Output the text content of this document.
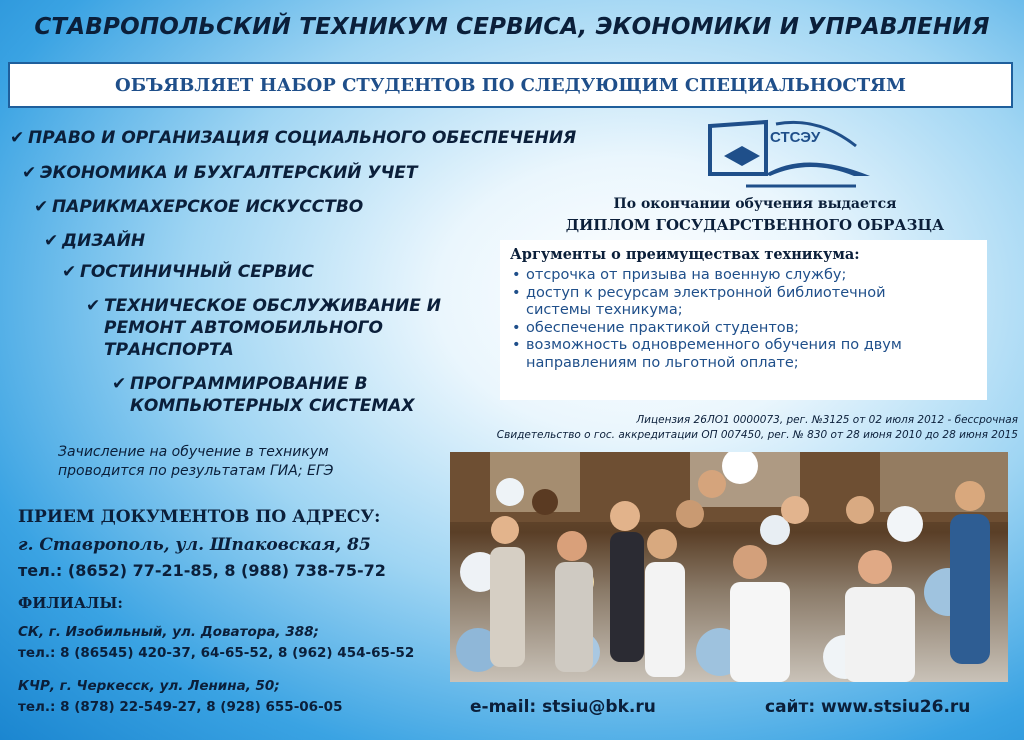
СТАВРОПОЛЬСКИЙ ТЕХНИКУМ СЕРВИСА, ЭКОНОМИКИ И УПРАВЛЕНИЯ
ОБЪЯВЛЯЕТ НАБОР СТУДЕНТОВ ПО СЛЕДУЮЩИМ СПЕЦИАЛЬНОСТЯМ
✔ ПРАВО И ОРГАНИЗАЦИЯ СОЦИАЛЬНОГО ОБЕСПЕЧЕНИЯ
✔ ЭКОНОМИКА И БУХГАЛТЕРСКИЙ УЧЕТ
✔ ПАРИКМАХЕРСКОЕ ИСКУССТВО
✔ ДИЗАЙН
✔ ГОСТИНИЧНЫЙ СЕРВИС
✔ ТЕХНИЧЕСКОЕ ОБСЛУЖИВАНИЕ И
РЕМОНТ АВТОМОБИЛЬНОГО
ТРАНСПОРТА
✔ ПРОГРАММИРОВАНИЕ В
КОМПЬЮТЕРНЫХ СИСТЕМАХ
Зачисление на обучение в техникум проводится по результатам ГИА; ЕГЭ
ПРИЕМ ДОКУМЕНТОВ ПО АДРЕСУ:
г. Ставрополь, ул. Шпаковская, 85
тел.: (8652) 77-21-85, 8 (988) 738-75-72
ФИЛИАЛЫ:
СК, г. Изобильный, ул. Доватора, 388;
тел.: 8 (86545) 420-37, 64-65-52, 8 (962) 454-65-52
КЧР, г. Черкесск, ул. Ленина, 50;
тел.: 8 (878) 22-549-27, 8 (928) 655-06-05
СТСЭУ
По окончании обучения выдается
ДИПЛОМ ГОСУДАРСТВЕННОГО ОБРАЗЦА
Аргументы о преимуществах техникума:
• отсрочка от призыва на военную службу;
• доступ к ресурсам электронной библиотечной
системы техникума;
• обеспечение практикой студентов;
• возможность одновременного обучения по двум
направлениям по льготной оплате;
Лицензия 26ЛО1 0000073, рег. №3125 от 02 июля 2012 - бессрочная
Свидетельство о гос. аккредитации ОП 007450, рег. № 830 от 28 июня 2010 до 28 июня 2015
e-mail: stsiu@bk.ru	сайт: www.stsiu26.ru
